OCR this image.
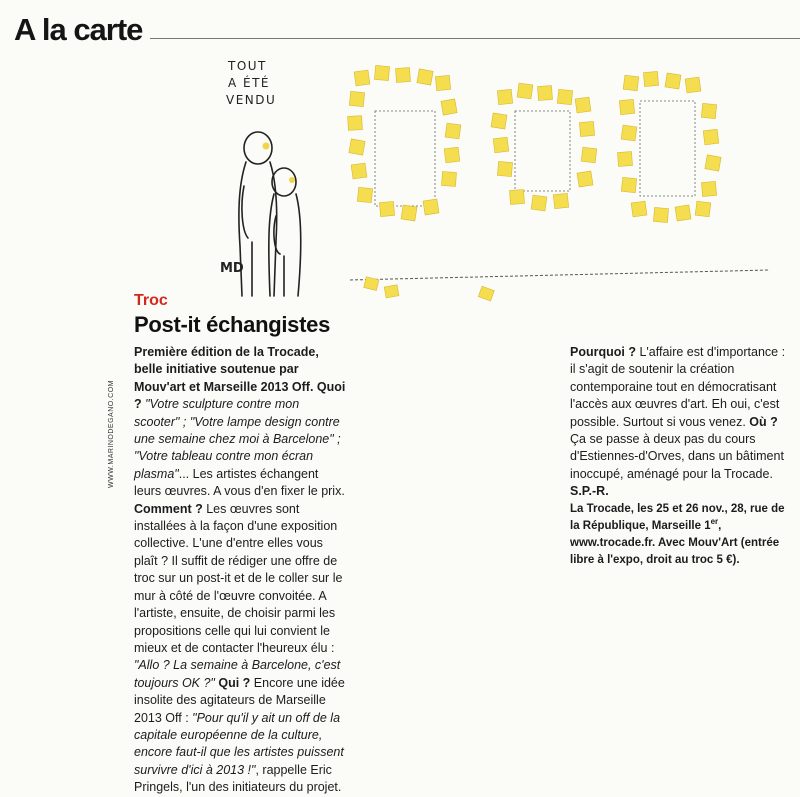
A la carte
TOUT
A ÉTÉ
VENDU
MD
WWW.MARINODEGANO.COM
Troc
Post-it échangistes

Première édition de la Trocade, belle initiative soutenue par Mouv'art et Marseille 2013 Off. Quoi ? "Votre sculpture contre mon scooter" ; "Votre lampe design contre une semaine chez moi à Barcelone" ; "Votre tableau contre mon écran plasma"... Les artistes échangent leurs œuvres. A vous d'en fixer le prix. Comment ? Les œuvres sont installées à la façon d'une exposition collective. L'une d'entre elles vous plaît ? Il suffit de rédiger une offre de troc sur un post-it et de le coller sur le mur à côté de l'œuvre convoitée. A l'artiste, ensuite, de choisir parmi les propositions celle qui lui convient le mieux et de contacter l'heureux élu : "Allo ? La semaine à Barcelone, c'est toujours OK ?" Qui ? Encore une idée insolite des agitateurs de Marseille 2013 Off : "Pour qu'il y ait un off de la capitale européenne de la culture, encore faut-il que les artistes puissent survivre d'ici à 2013 !", rappelle Eric Pringels, l'un des initiateurs du projet.

Pourquoi ? L'affaire est d'importance : il s'agit de soutenir la création contemporaine tout en démocratisant l'accès aux œuvres d'art. Eh oui, c'est possible. Surtout si vous venez. Où ? Ça se passe à deux pas du cours d'Estiennes-d'Orves, dans un bâtiment inoccupé, aménagé pour la Trocade. S.P.-R.

La Trocade, les 25 et 26 nov., 28, rue de la République, Marseille 1er, www.trocade.fr. Avec Mouv'Art (entrée libre à l'expo, droit au troc 5 €).
